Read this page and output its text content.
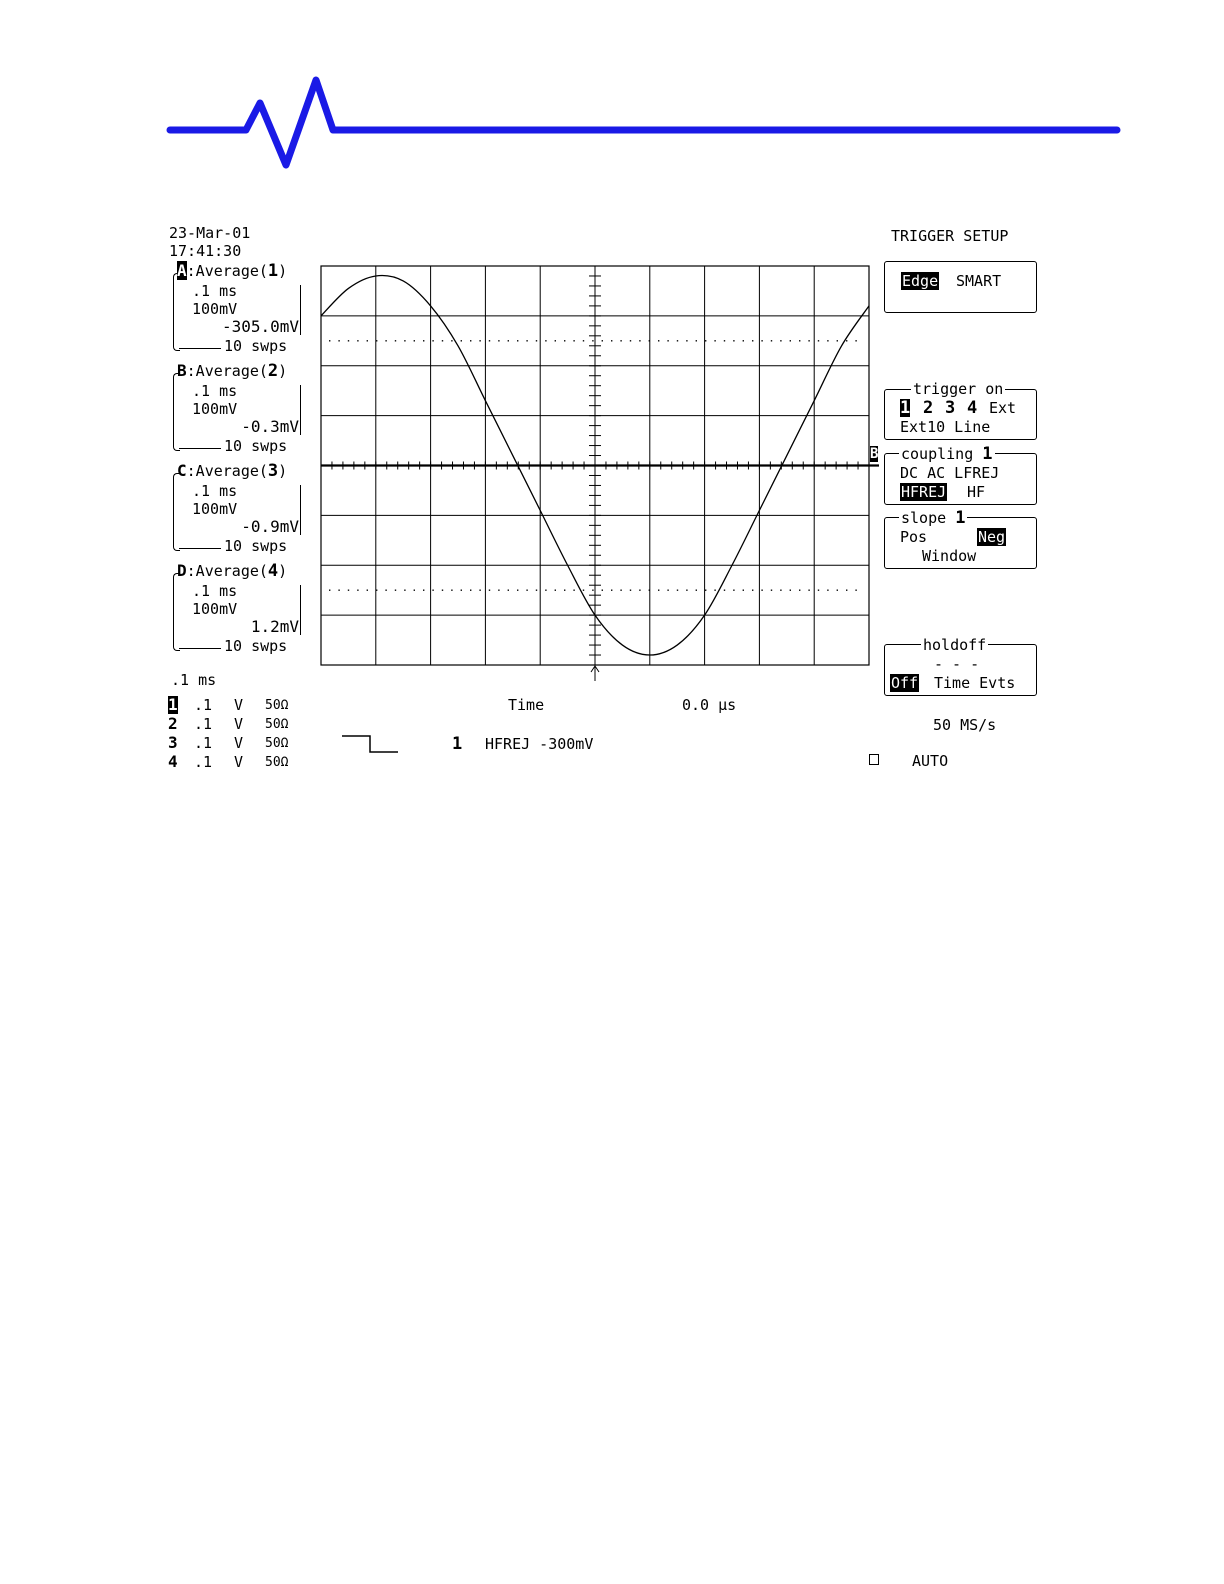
23-Mar-01
17:41:30
TRIGGER SETUP
A:Average(1)
.1 ms
100mV
-305.0mV
10 swps
B:Average(2)
.1 ms
100mV
-0.3mV
10 swps
C:Average(3)
.1 ms
100mV
-0.9mV
10 swps
D:Average(4)
.1 ms
100mV
1.2mV
10 swps
.1 ms
1 .1 V 50Ω
2 .1 V 50Ω
3 .1 V 50Ω
4 .1 V 50Ω
B
Time	0.0 µs
1 HFREJ -300mV
50 MS/s
AUTO
Edge SMART
trigger on
1 2 3 4 Ext
Ext10 Line
coupling 1
DC AC LFREJ
HFREJ HF
slope 1
Pos	Neg
Window
holdoff
- - -
Off Time Evts
